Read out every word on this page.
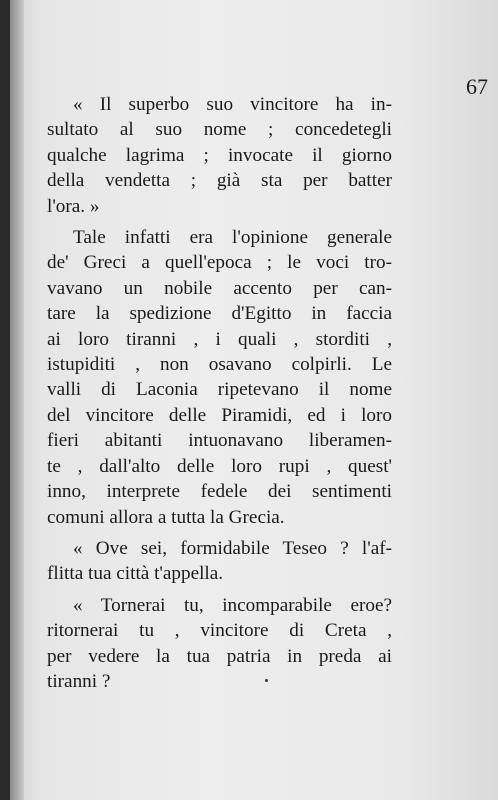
67
« Il superbo suo vincitore ha in-
sultato al suo nome ; concedetegli
qualche lagrima ; invocate il giorno
della vendetta ; già sta per batter
l'ora. »
Tale infatti era l'opinione generale
de' Greci a quell'epoca ; le voci tro-
vavano un nobile accento per can-
tare la spedizione d'Egitto in faccia
ai loro tiranni , i quali , storditi ,
istupiditi , non osavano colpirli. Le
valli di Laconia ripetevano il nome
del vincitore delle Piramidi, ed i loro
fieri abitanti intuonavano liberamen-
te , dall'alto delle loro rupi , quest'
inno, interprete fedele dei sentimenti
comuni allora a tutta la Grecia.
« Ove sei, formidabile Teseo ? l'af-
flitta tua città t'appella.
« Tornerai tu, incomparabile eroe?
ritornerai tu , vincitore di Creta ,
per vedere la tua patria in preda ai
tiranni ?
